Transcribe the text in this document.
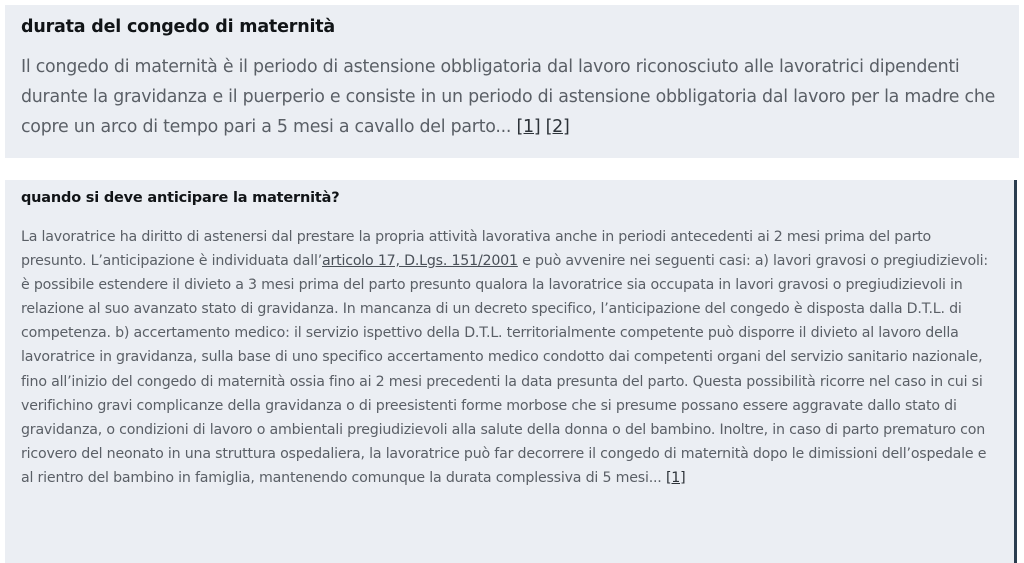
durata del congedo di maternità

Il congedo di maternità è il periodo di astensione obbligatoria dal lavoro riconosciuto alle lavoratrici dipendenti durante la gravidanza e il puerperio e consiste in un periodo di astensione obbligatoria dal lavoro per la madre che copre un arco di tempo pari a 5 mesi a cavallo del parto... [1] [2]

quando si deve anticipare la maternità?

La lavoratrice ha diritto di astenersi dal prestare la propria attività lavorativa anche in periodi antecedenti ai 2 mesi prima del parto presunto. L’anticipazione è individuata dall’articolo 17, D.Lgs. 151/2001 e può avvenire nei seguenti casi: a) lavori gravosi o pregiudizievoli: è possibile estendere il divieto a 3 mesi prima del parto presunto qualora la lavoratrice sia occupata in lavori gravosi o pregiudizievoli in relazione al suo avanzato stato di gravidanza. In mancanza di un decreto specifico, l’anticipazione del congedo è disposta dalla D.T.L. di competenza. b) accertamento medico: il servizio ispettivo della D.T.L. territorialmente competente può disporre il divieto al lavoro della lavoratrice in gravidanza, sulla base di uno specifico accertamento medico condotto dai competenti organi del servizio sanitario nazionale, fino all’inizio del congedo di maternità ossia fino ai 2 mesi precedenti la data presunta del parto. Questa possibilità ricorre nel caso in cui si verifichino gravi complicanze della gravidanza o di preesistenti forme morbose che si presume possano essere aggravate dallo stato di gravidanza, o condizioni di lavoro o ambientali pregiudizievoli alla salute della donna o del bambino. Inoltre, in caso di parto prematuro con ricovero del neonato in una struttura ospedaliera, la lavoratrice può far decorrere il congedo di maternità dopo le dimissioni dell’ospedale e al rientro del bambino in famiglia, mantenendo comunque la durata complessiva di 5 mesi... [1]
